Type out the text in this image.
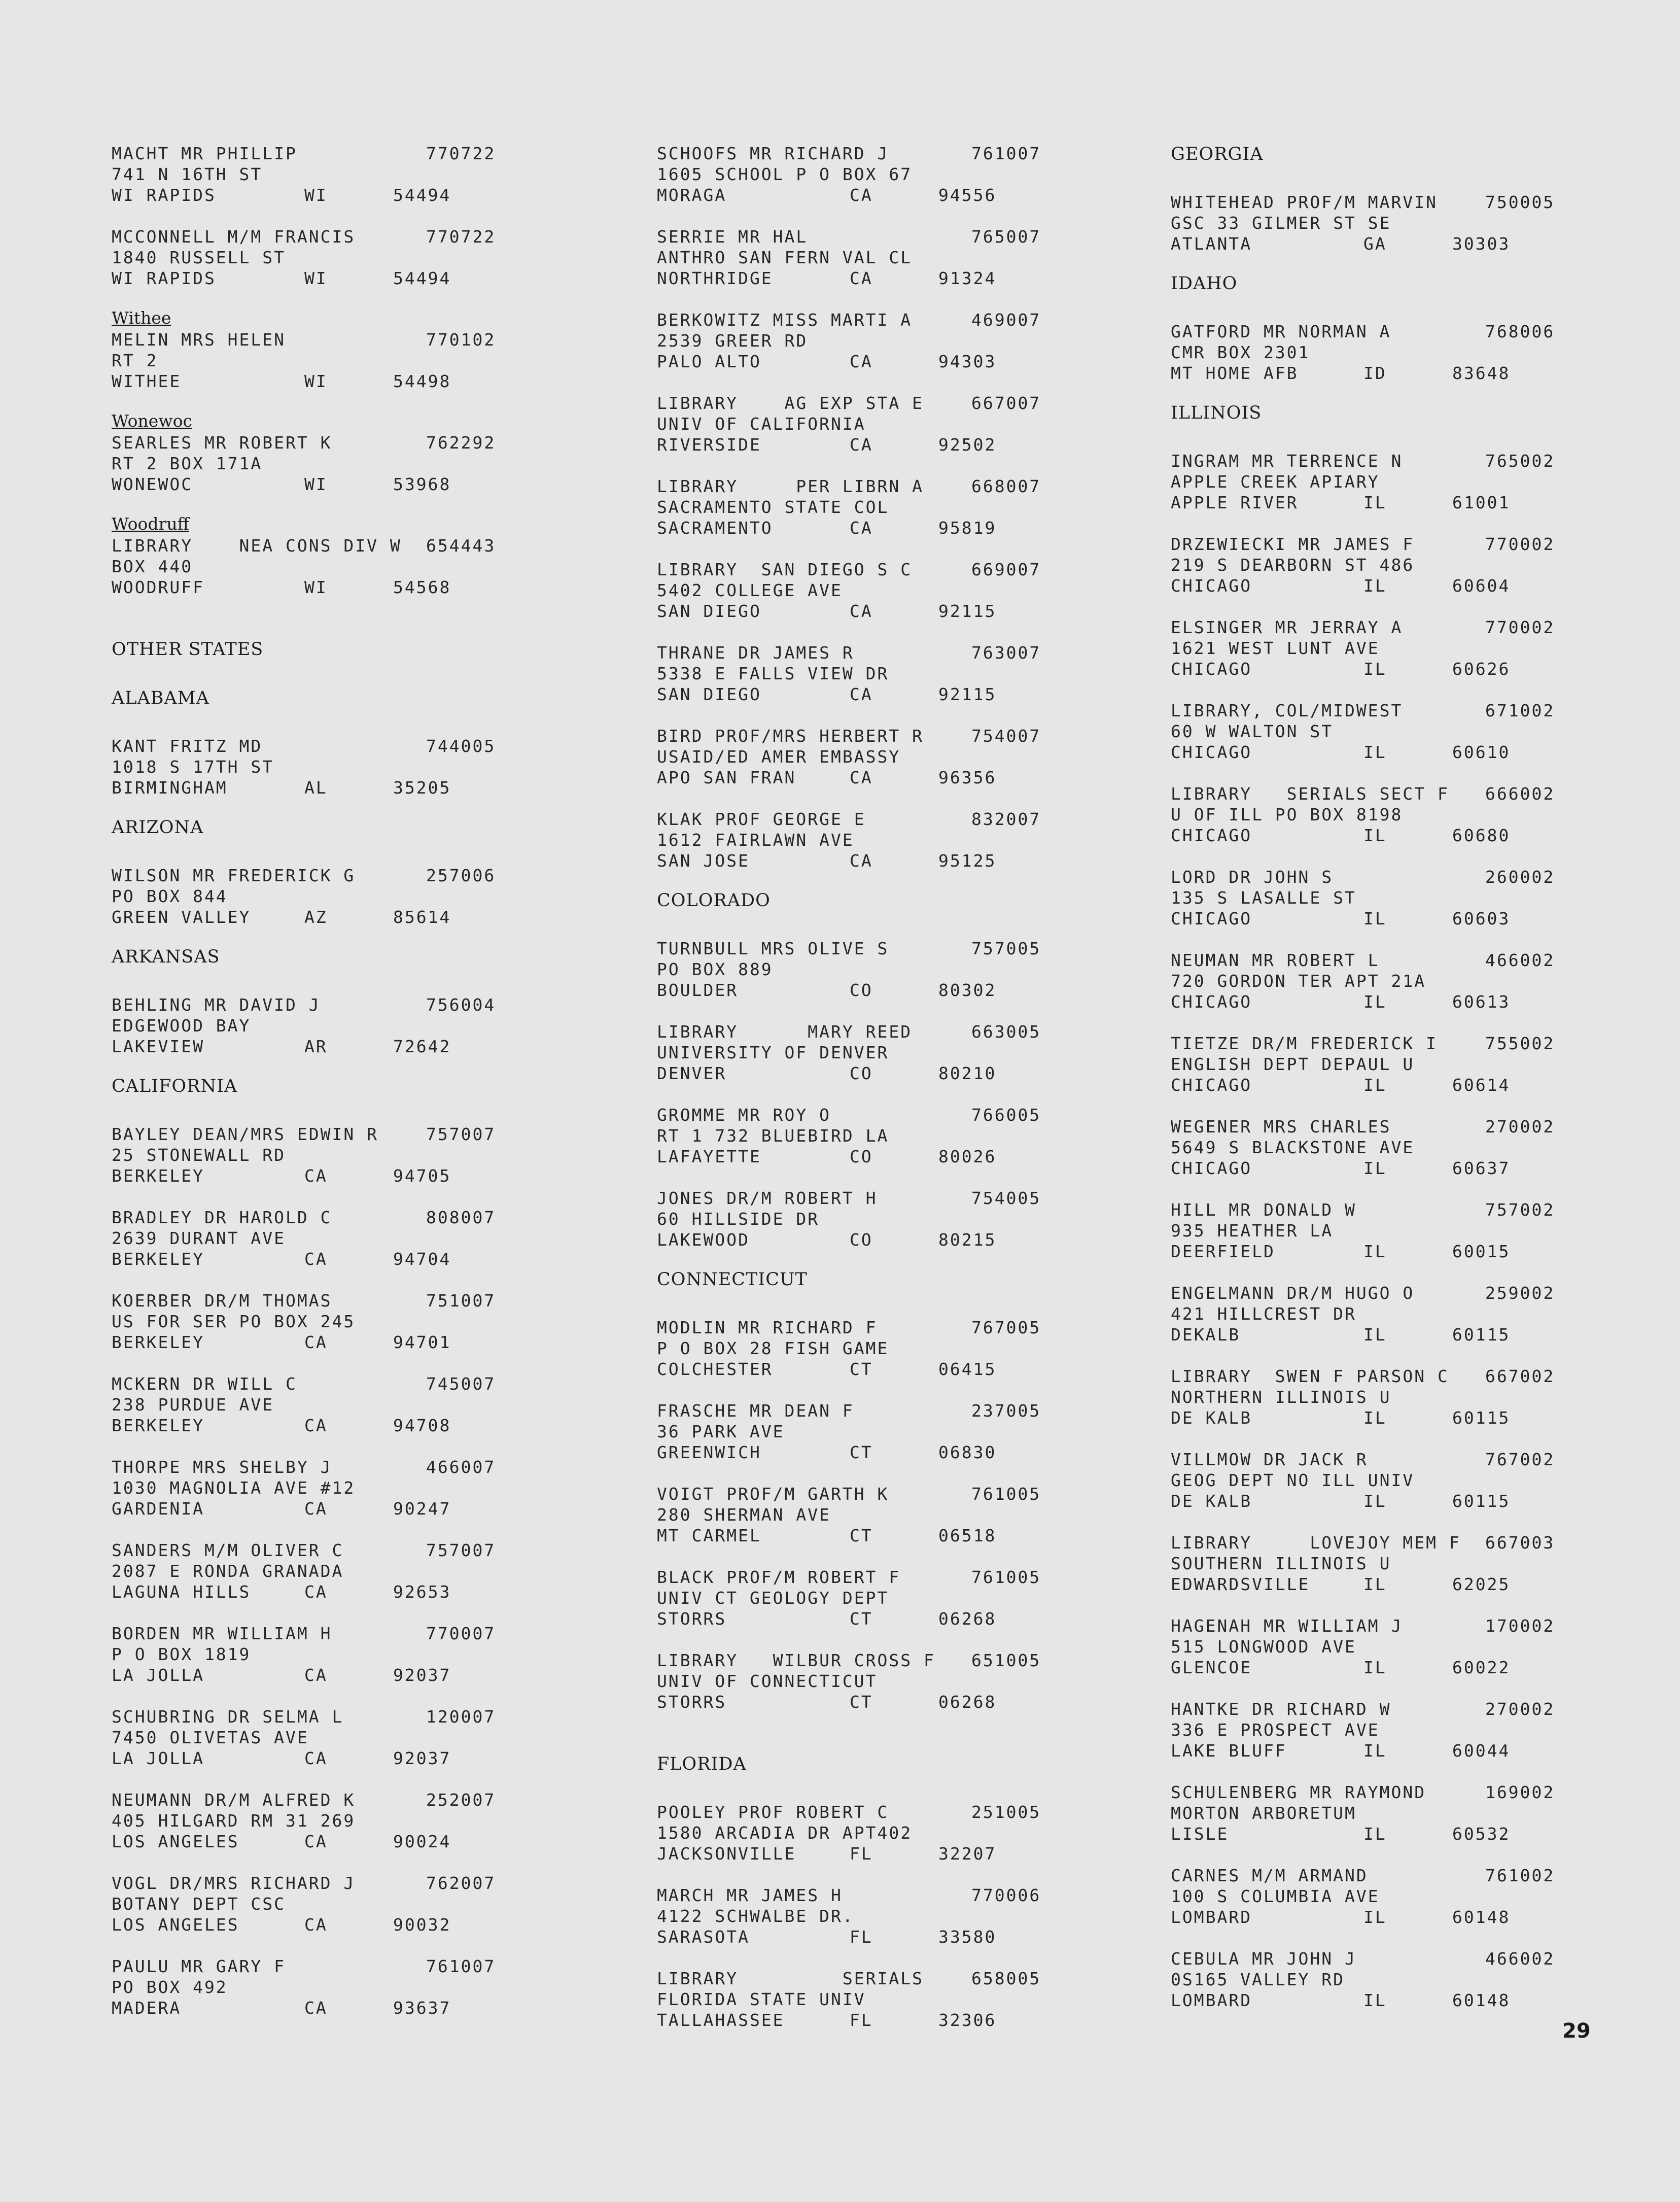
MACHT MR PHILLIP	770722
741 N 16TH ST
WI RAPIDS	WI	54494
MCCONNELL M/M FRANCIS	770722
1840 RUSSELL ST
WI RAPIDS	WI	54494
Withee
MELIN MRS HELEN	770102
RT 2
WITHEE	WI	54498
Wonewoc
SEARLES MR ROBERT K	762292
RT 2 BOX 171A
WONEWOC	WI	53968
Woodruff
LIBRARY    NEA CONS DIV W 654443
BOX 440
WOODRUFF	WI	54568
OTHER STATES
ALABAMA
KANT FRITZ MD	744005
1018 S 17TH ST
BIRMINGHAM	AL	35205
ARIZONA
WILSON MR FREDERICK G	257006
PO BOX 844
GREEN VALLEY	AZ	85614
ARKANSAS
BEHLING MR DAVID J	756004
EDGEWOOD BAY
LAKEVIEW	AR	72642
CALIFORNIA
BAYLEY DEAN/MRS EDWIN R	757007
25 STONEWALL RD
BERKELEY	CA	94705
BRADLEY DR HAROLD C	808007
2639 DURANT AVE
BERKELEY	CA	94704
KOERBER DR/M THOMAS	751007
US FOR SER PO BOX 245
BERKELEY	CA	94701
MCKERN DR WILL C	745007
238 PURDUE AVE
BERKELEY	CA	94708
THORPE MRS SHELBY J	466007
1030 MAGNOLIA AVE #12
GARDENIA	CA	90247
SANDERS M/M OLIVER C	757007
2087 E RONDA GRANADA
LAGUNA HILLS	CA	92653
BORDEN MR WILLIAM H	770007
P O BOX 1819
LA JOLLA	CA	92037
SCHUBRING DR SELMA L	120007
7450 OLIVETAS AVE
LA JOLLA	CA	92037
NEUMANN DR/M ALFRED K	252007
405 HILGARD RM 31 269
LOS ANGELES	CA	90024
VOGL DR/MRS RICHARD J	762007
BOTANY DEPT CSC
LOS ANGELES	CA	90032
PAULU MR GARY F	761007
PO BOX 492
MADERA	CA	93637
SCHOOFS MR RICHARD J	761007
1605 SCHOOL P O BOX 67
MORAGA	CA	94556
SERRIE MR HAL	765007
ANTHRO SAN FERN VAL CL
NORTHRIDGE	CA	91324
BERKOWITZ MISS MARTI A	469007
2539 GREER RD
PALO ALTO	CA	94303
LIBRARY    AG EXP STA E	667007
UNIV OF CALIFORNIA
RIVERSIDE	CA	92502
LIBRARY     PER LIBRN A	668007
SACRAMENTO STATE COL
SACRAMENTO	CA	95819
LIBRARY  SAN DIEGO S C	669007
5402 COLLEGE AVE
SAN DIEGO	CA	92115
THRANE DR JAMES R	763007
5338 E FALLS VIEW DR
SAN DIEGO	CA	92115
BIRD PROF/MRS HERBERT R	754007
USAID/ED AMER EMBASSY
APO SAN FRAN	CA	96356
KLAK PROF GEORGE E	832007
1612 FAIRLAWN AVE
SAN JOSE	CA	95125
COLORADO
TURNBULL MRS OLIVE S	757005
PO BOX 889
BOULDER	CO	80302
LIBRARY      MARY REED	663005
UNIVERSITY OF DENVER
DENVER	CO	80210
GROMME MR ROY O	766005
RT 1 732 BLUEBIRD LA
LAFAYETTE	CO	80026
JONES DR/M ROBERT H	754005
60 HILLSIDE DR
LAKEWOOD	CO	80215
CONNECTICUT
MODLIN MR RICHARD F	767005
P O BOX 28 FISH GAME
COLCHESTER	CT	06415
FRASCHE MR DEAN F	237005
36 PARK AVE
GREENWICH	CT	06830
VOIGT PROF/M GARTH K	761005
280 SHERMAN AVE
MT CARMEL	CT	06518
BLACK PROF/M ROBERT F	761005
UNIV CT GEOLOGY DEPT
STORRS	CT	06268
LIBRARY   WILBUR CROSS F 651005
UNIV OF CONNECTICUT
STORRS	CT	06268
FLORIDA
POOLEY PROF ROBERT C	251005
1580 ARCADIA DR APT402
JACKSONVILLE	FL	32207
MARCH MR JAMES H	770006
4122 SCHWALBE DR.
SARASOTA	FL	33580
LIBRARY         SERIALS	658005
FLORIDA STATE UNIV
TALLAHASSEE	FL	32306
GEORGIA
WHITEHEAD PROF/M MARVIN	750005
GSC 33 GILMER ST SE
ATLANTA	GA	30303
IDAHO
GATFORD MR NORMAN A	768006
CMR BOX 2301
MT HOME AFB	ID	83648
ILLINOIS
INGRAM MR TERRENCE N	765002
APPLE CREEK APIARY
APPLE RIVER	IL	61001
DRZEWIECKI MR JAMES F	770002
219 S DEARBORN ST 486
CHICAGO	IL	60604
ELSINGER MR JERRAY A	770002
1621 WEST LUNT AVE
CHICAGO	IL	60626
LIBRARY, COL/MIDWEST	671002
60 W WALTON ST
CHICAGO	IL	60610
LIBRARY   SERIALS SECT F 666002
U OF ILL PO BOX 8198
CHICAGO	IL	60680
LORD DR JOHN S	260002
135 S LASALLE ST
CHICAGO	IL	60603
NEUMAN MR ROBERT L	466002
720 GORDON TER APT 21A
CHICAGO	IL	60613
TIETZE DR/M FREDERICK I	755002
ENGLISH DEPT DEPAUL U
CHICAGO	IL	60614
WEGENER MRS CHARLES	270002
5649 S BLACKSTONE AVE
CHICAGO	IL	60637
HILL MR DONALD W	757002
935 HEATHER LA
DEERFIELD	IL	60015
ENGELMANN DR/M HUGO O	259002
421 HILLCREST DR
DEKALB	IL	60115
LIBRARY  SWEN F PARSON C 667002
NORTHERN ILLINOIS U
DE KALB	IL	60115
VILLMOW DR JACK R	767002
GEOG DEPT NO ILL UNIV
DE KALB	IL	60115
LIBRARY     LOVEJOY MEM F 667003
SOUTHERN ILLINOIS U
EDWARDSVILLE	IL	62025
HAGENAH MR WILLIAM J	170002
515 LONGWOOD AVE
GLENCOE	IL	60022
HANTKE DR RICHARD W	270002
336 E PROSPECT AVE
LAKE BLUFF	IL	60044
SCHULENBERG MR RAYMOND	169002
MORTON ARBORETUM
LISLE	IL	60532
CARNES M/M ARMAND	761002
100 S COLUMBIA AVE
LOMBARD	IL	60148
CEBULA MR JOHN J	466002
0S165 VALLEY RD
LOMBARD	IL	60148
29
